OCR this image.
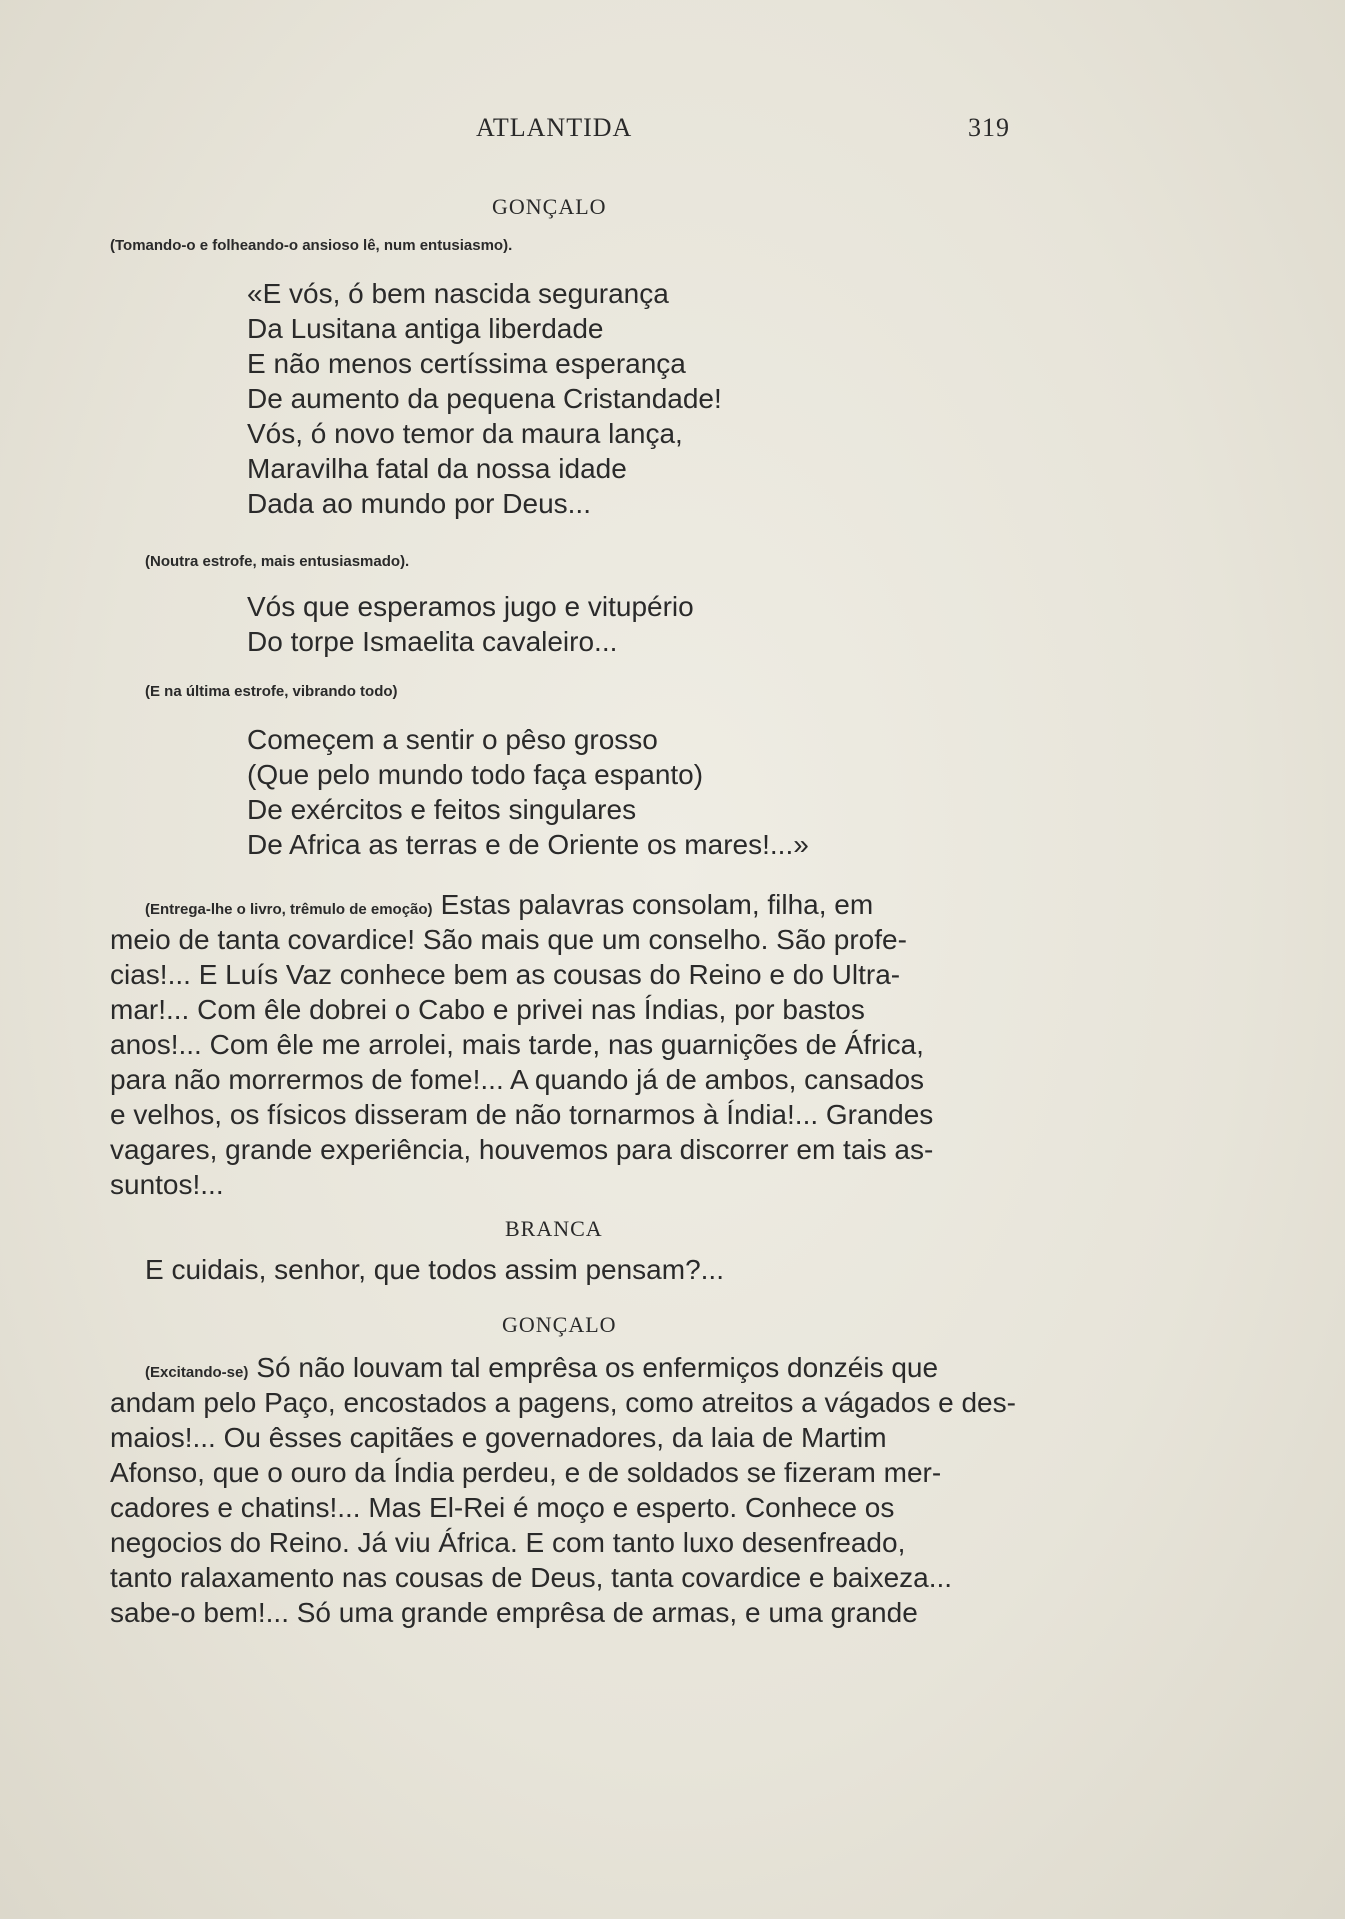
ATLANTIDA	319
GONÇALO
(Tomando-o e folheando-o ansioso lê, num entusiasmo).
«E vós, ó bem nascida segurança
Da Lusitana antiga liberdade
E não menos certíssima esperança
De aumento da pequena Cristandade!
Vós, ó novo temor da maura lança,
Maravilha fatal da nossa idade
Dada ao mundo por Deus...
(Noutra estrofe, mais entusiasmado).
Vós que esperamos jugo e vitupério
Do torpe Ismaelita cavaleiro...
(E na última estrofe, vibrando todo)
Começem a sentir o pêso grosso
(Que pelo mundo todo faça espanto)
De exércitos e feitos singulares
De Africa as terras e de Oriente os mares!...»
(Entrega-lhe o livro, trêmulo de emoção) Estas palavras consolam, filha, em
meio de tanta covardice! São mais que um conselho. São profe-
cias!... E Luís Vaz conhece bem as cousas do Reino e do Ultra-
mar!... Com êle dobrei o Cabo e privei nas Índias, por bastos
anos!... Com êle me arrolei, mais tarde, nas guarnições de África,
para não morrermos de fome!... A quando já de ambos, cansados
e velhos, os físicos disseram de não tornarmos à Índia!... Grandes
vagares, grande experiência, houvemos para discorrer em tais as-
suntos!...
BRANCA
E cuidais, senhor, que todos assim pensam?...
GONÇALO
(Excitando-se) Só não louvam tal emprêsa os enfermiços donzéis que
andam pelo Paço, encostados a pagens, como atreitos a vágados e des-
maios!... Ou êsses capitães e governadores, da laia de Martim
Afonso, que o ouro da Índia perdeu, e de soldados se fizeram mer-
cadores e chatins!... Mas El-Rei é moço e esperto. Conhece os
negocios do Reino. Já viu África. E com tanto luxo desenfreado,
tanto ralaxamento nas cousas de Deus, tanta covardice e baixeza...
sabe-o bem!... Só uma grande emprêsa de armas, e uma grande
